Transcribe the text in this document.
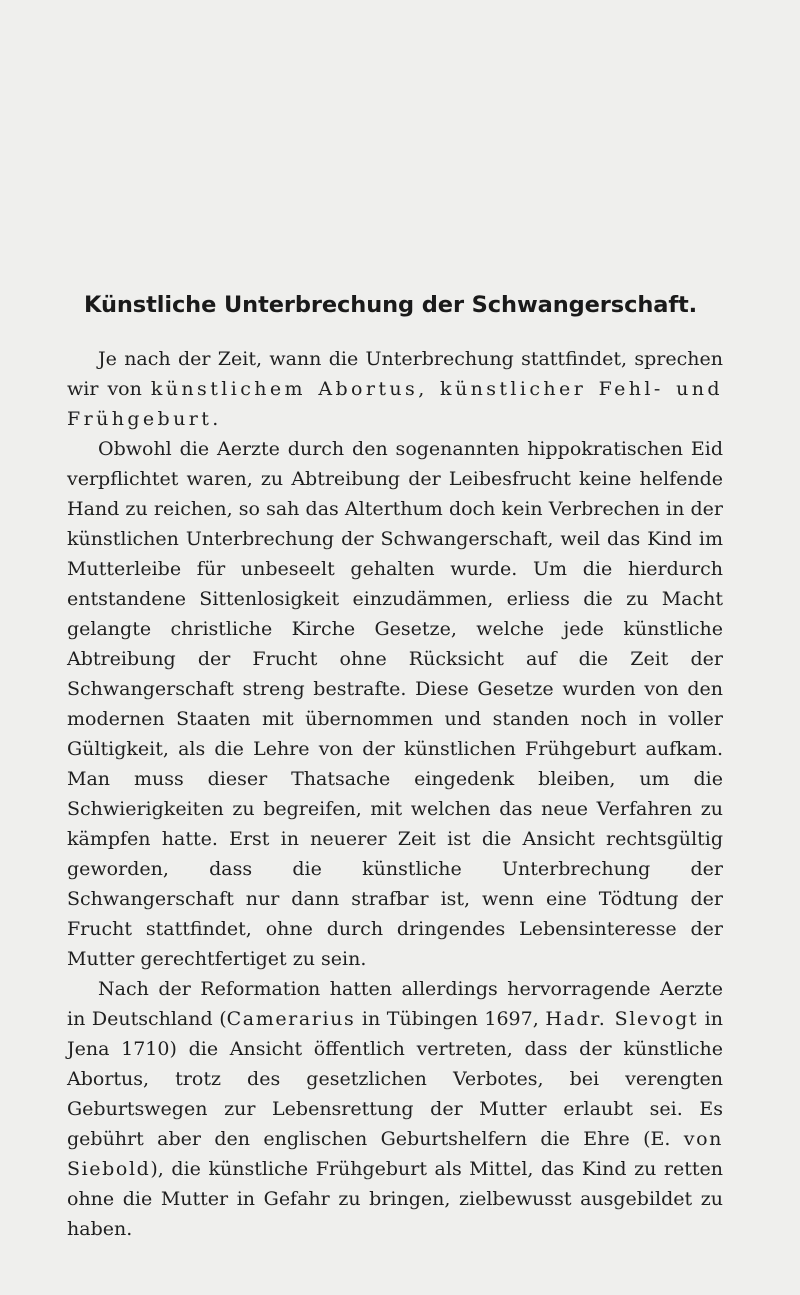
Künstliche Unterbrechung der Schwangerschaft.

Je nach der Zeit, wann die Unterbrechung stattfindet, sprechen wir von künstlichem Abortus, künstlicher Fehl- und Frühgeburt.

Obwohl die Aerzte durch den sogenannten hippokratischen Eid verpflichtet waren, zu Abtreibung der Leibesfrucht keine helfende Hand zu reichen, so sah das Alterthum doch kein Verbrechen in der künstlichen Unterbrechung der Schwangerschaft, weil das Kind im Mutterleibe für unbeseelt gehalten wurde. Um die hierdurch entstandene Sittenlosigkeit einzudämmen, erliess die zu Macht gelangte christliche Kirche Gesetze, welche jede künstliche Abtreibung der Frucht ohne Rücksicht auf die Zeit der Schwangerschaft streng bestrafte. Diese Gesetze wurden von den modernen Staaten mit übernommen und standen noch in voller Gültigkeit, als die Lehre von der künstlichen Frühgeburt aufkam. Man muss dieser Thatsache eingedenk bleiben, um die Schwierigkeiten zu begreifen, mit welchen das neue Verfahren zu kämpfen hatte. Erst in neuerer Zeit ist die Ansicht rechtsgültig geworden, dass die künstliche Unterbrechung der Schwangerschaft nur dann strafbar ist, wenn eine Tödtung der Frucht stattfindet, ohne durch dringendes Lebensinteresse der Mutter gerechtfertiget zu sein.

Nach der Reformation hatten allerdings hervorragende Aerzte in Deutschland (Camerarius in Tübingen 1697, Hadr. Slevogt in Jena 1710) die Ansicht öffentlich vertreten, dass der künstliche Abortus, trotz des gesetzlichen Verbotes, bei verengten Geburtswegen zur Lebensrettung der Mutter erlaubt sei. Es gebührt aber den englischen Geburtshelfern die Ehre (E. von Siebold), die künstliche Frühgeburt als Mittel, das Kind zu retten ohne die Mutter in Gefahr zu bringen, zielbewusst ausgebildet zu haben.
